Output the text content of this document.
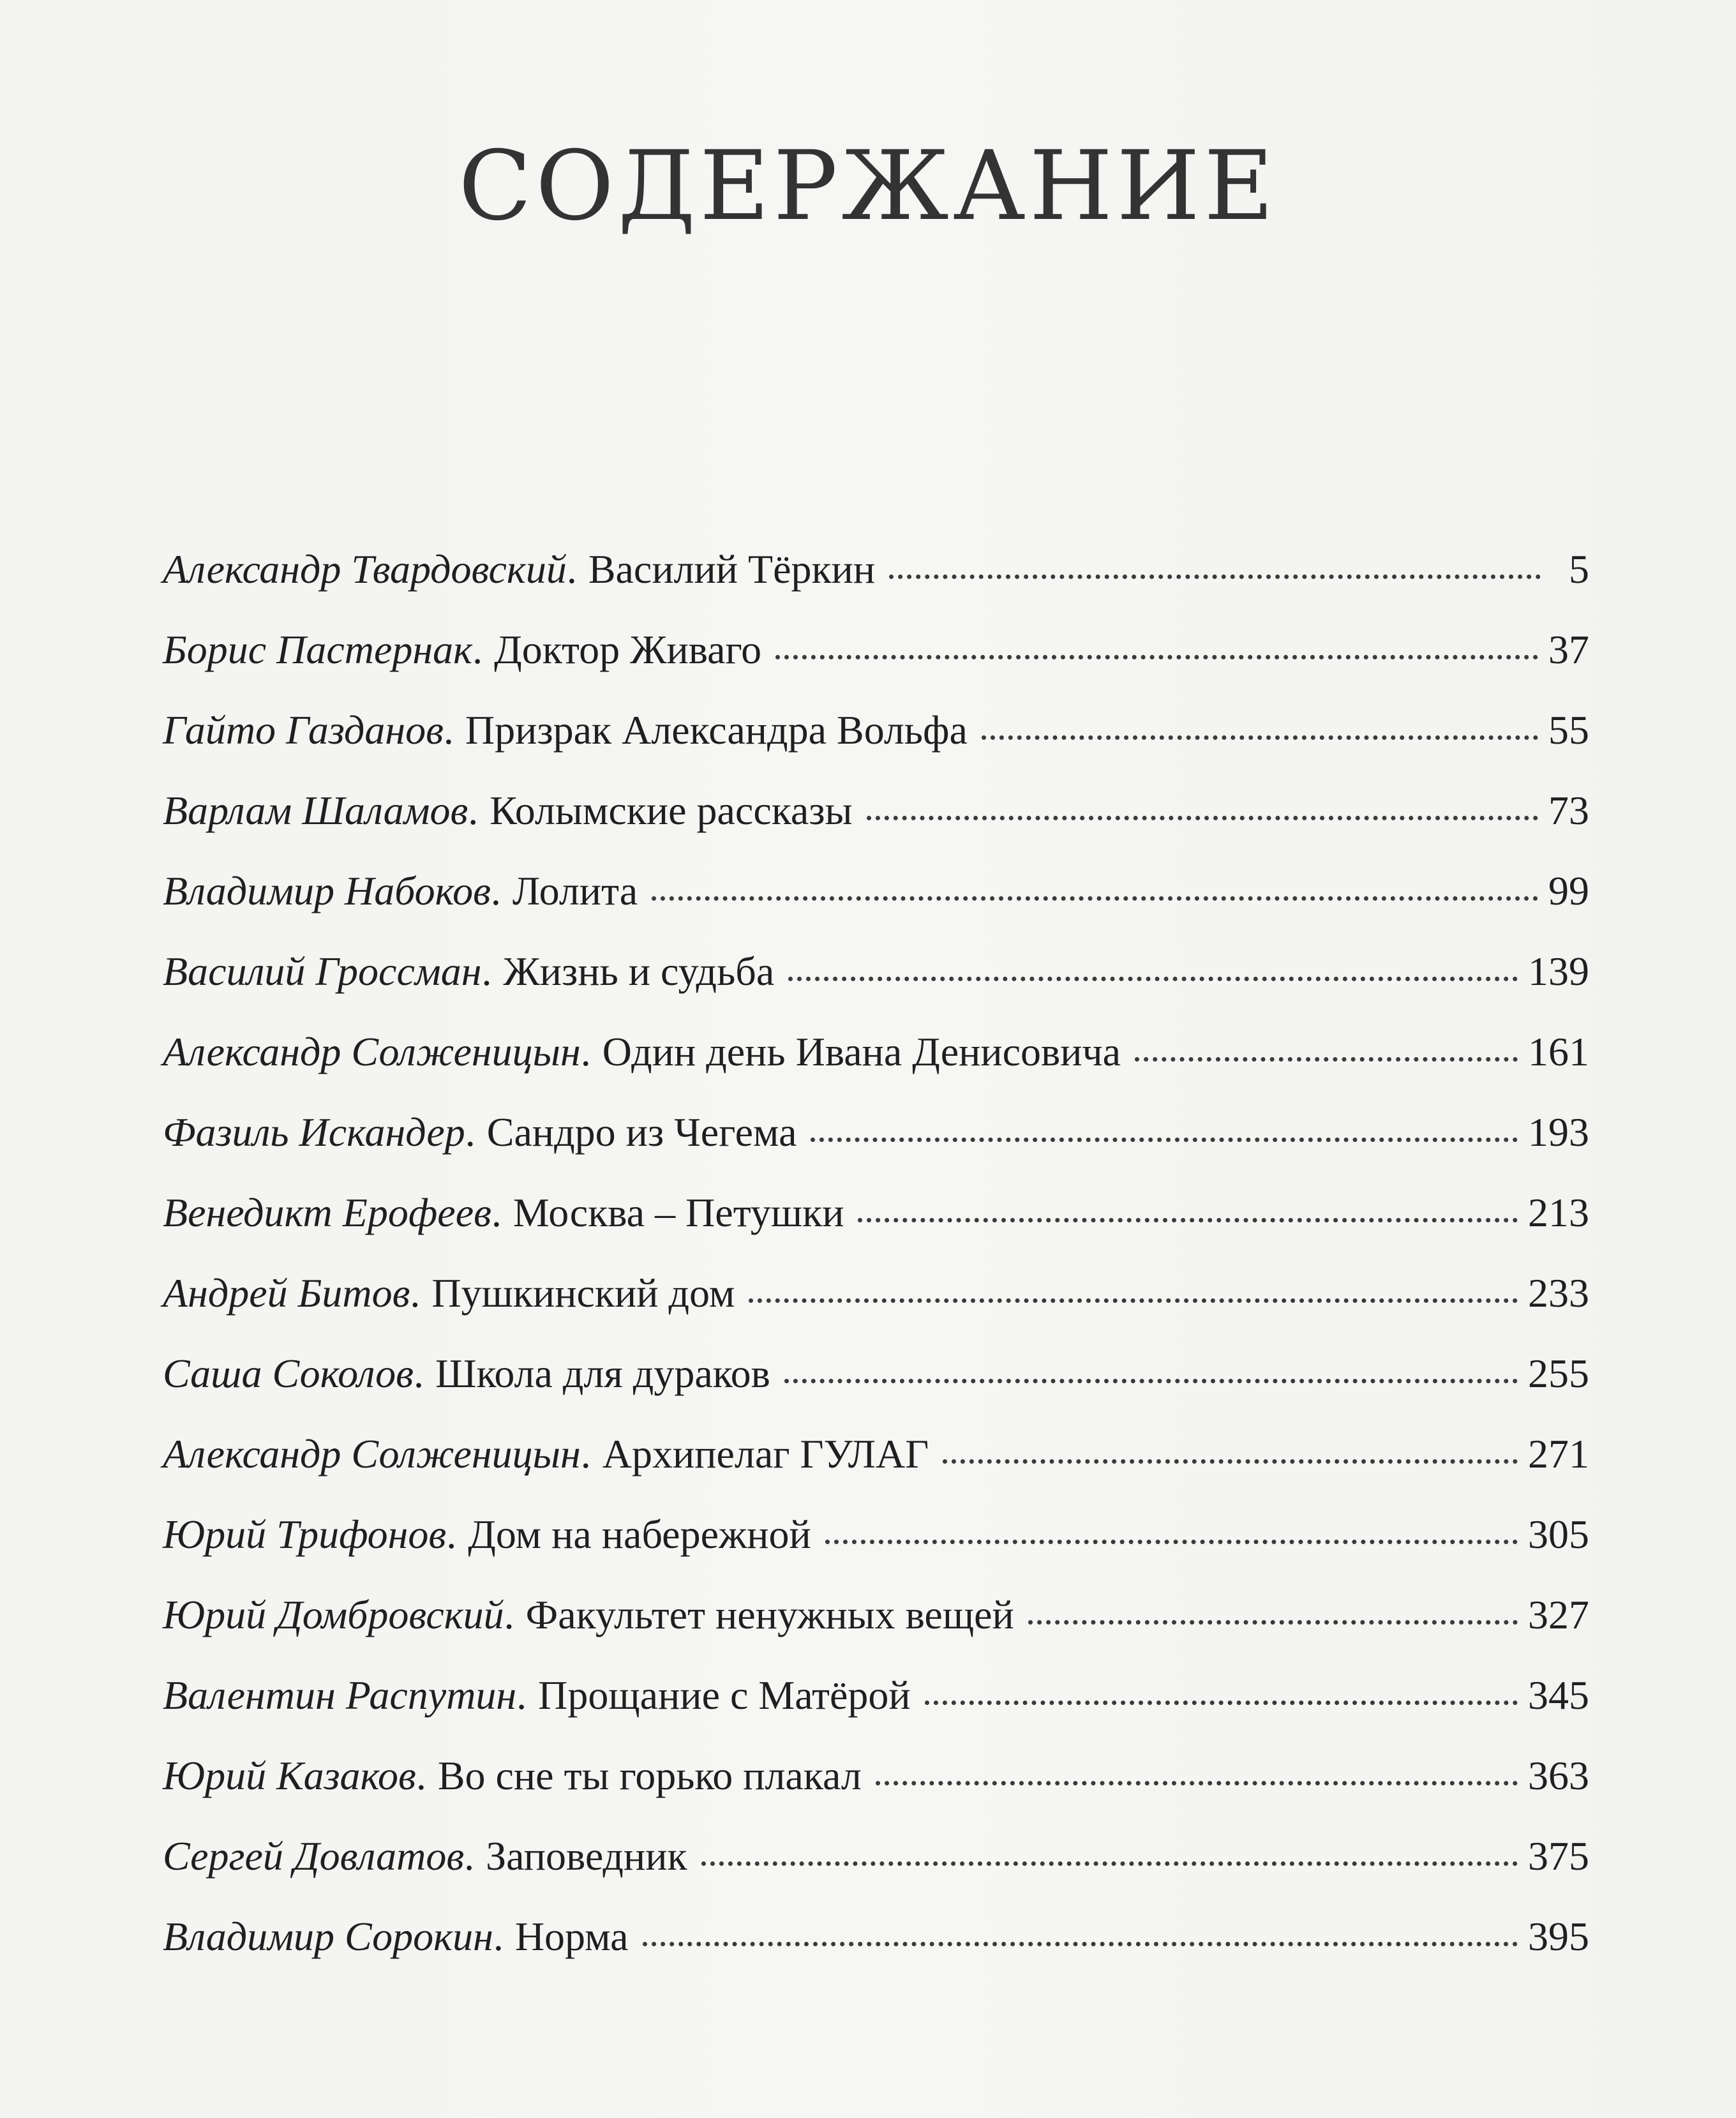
СОДЕРЖАНИЕ
Александр Твардовский . Василий Тёркин	5
Борис Пастернак . Доктор Живаго	37
Гайто Газданов . Призрак Александра Вольфа	55
Варлам Шаламов . Колымские рассказы	73
Владимир Набоков . Лолита	99
Василий Гроссман . Жизнь и судьба	139
Александр Солженицын . Один день Ивана Денисовича	161
Фазиль Искандер . Сандро из Чегема	193
Венедикт Ерофеев . Москва – Петушки	213
Андрей Битов . Пушкинский дом	233
Саша Соколов . Школа для дураков	255
Александр Солженицын . Архипелаг ГУЛАГ	271
Юрий Трифонов . Дом на набережной	305
Юрий Домбровский . Факультет ненужных вещей	327
Валентин Распутин . Прощание с Матёрой	345
Юрий Казаков . Во сне ты горько плакал	363
Сергей Довлатов . Заповедник	375
Владимир Сорокин . Норма	395
